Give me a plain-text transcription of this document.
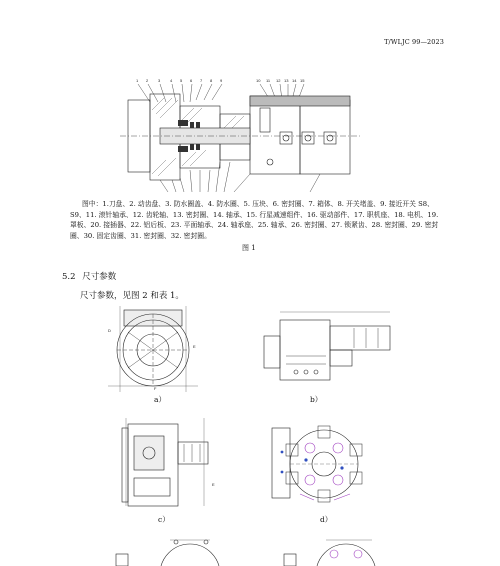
T/WLJC 99—2023
1 2 3 4 5 6 7 8 9	10 11 12 13 14 15
图中：1.刀盘、2. 动齿盘、3. 防水圈盖、4. 防水圈、5. 压块、6. 密封圈、7. 箱体、8. 开关堵盖、9. 接近开关 S8、S9、11. 滚针轴承、12. 齿轮轴、13. 密封圈、14. 轴承、15. 行星减速组件、16. 驱动部件、17. 职机座、18. 电机、19. 罩板、20. 接插器、22. 铝后板、23. 平面轴承、24. 轴承座、25. 轴承、26. 密封圈、27. 锁紧齿、28. 密封圈、29. 密封圈、30. 固定齿圈、31. 密封圈、32. 密封圈。
图 1
5.2 尺寸参数
尺寸参数，见图 2 和表 1。
D
E
F
a）	b）
E
c）	d）
